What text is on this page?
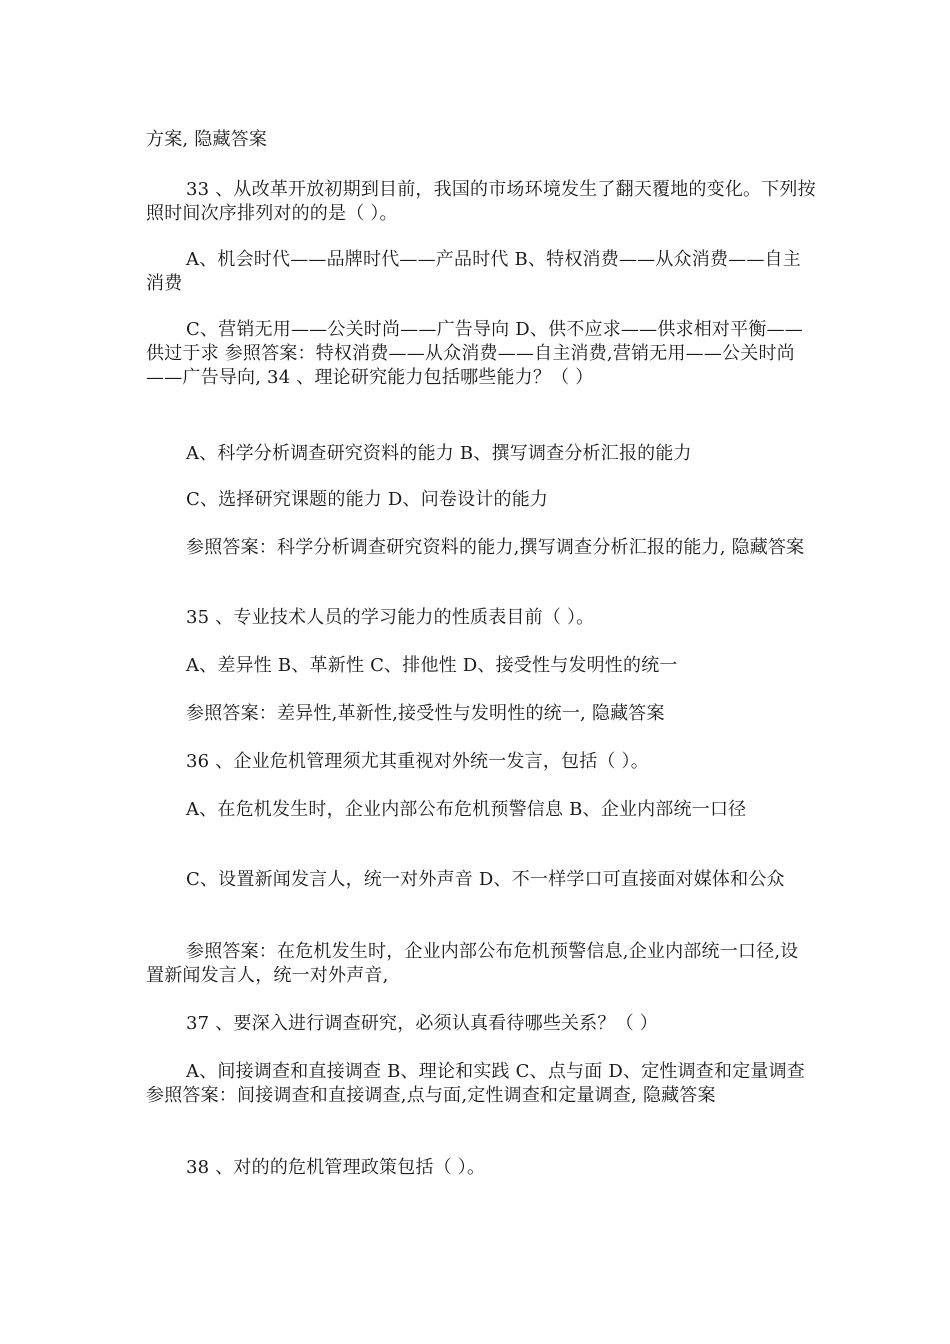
方案, 隐藏答案

33 、从改革开放初期到目前，我国的市场环境发生了翻天覆地的变化。下列按照时间次序排列对的的是（ ）。

A、机会时代——品牌时代——产品时代 B、特权消费——从众消费——自主消费

C、营销无用——公关时尚——广告导向 D、供不应求——供求相对平衡——供过于求 参照答案：特权消费——从众消费——自主消费,营销无用——公关时尚——广告导向, 34 、理论研究能力包括哪些能力？（ ）

A、科学分析调查研究资料的能力 B、撰写调查分析汇报的能力

C、选择研究课题的能力 D、问卷设计的能力

参照答案：科学分析调查研究资料的能力,撰写调查分析汇报的能力, 隐藏答案

35 、专业技术人员的学习能力的性质表目前（ ）。

A、差异性 B、革新性 C、排他性 D、接受性与发明性的统一

参照答案：差异性,革新性,接受性与发明性的统一, 隐藏答案

36 、企业危机管理须尤其重视对外统一发言，包括（ ）。

A、在危机发生时，企业内部公布危机预警信息 B、企业内部统一口径

C、设置新闻发言人，统一对外声音 D、不一样学口可直接面对媒体和公众

参照答案：在危机发生时，企业内部公布危机预警信息,企业内部统一口径,设置新闻发言人，统一对外声音,

37 、要深入进行调查研究，必须认真看待哪些关系？（ ）

A、间接调查和直接调查 B、理论和实践 C、点与面 D、定性调查和定量调查 参照答案：间接调查和直接调查,点与面,定性调查和定量调查, 隐藏答案

38 、对的的危机管理政策包括（ ）。
